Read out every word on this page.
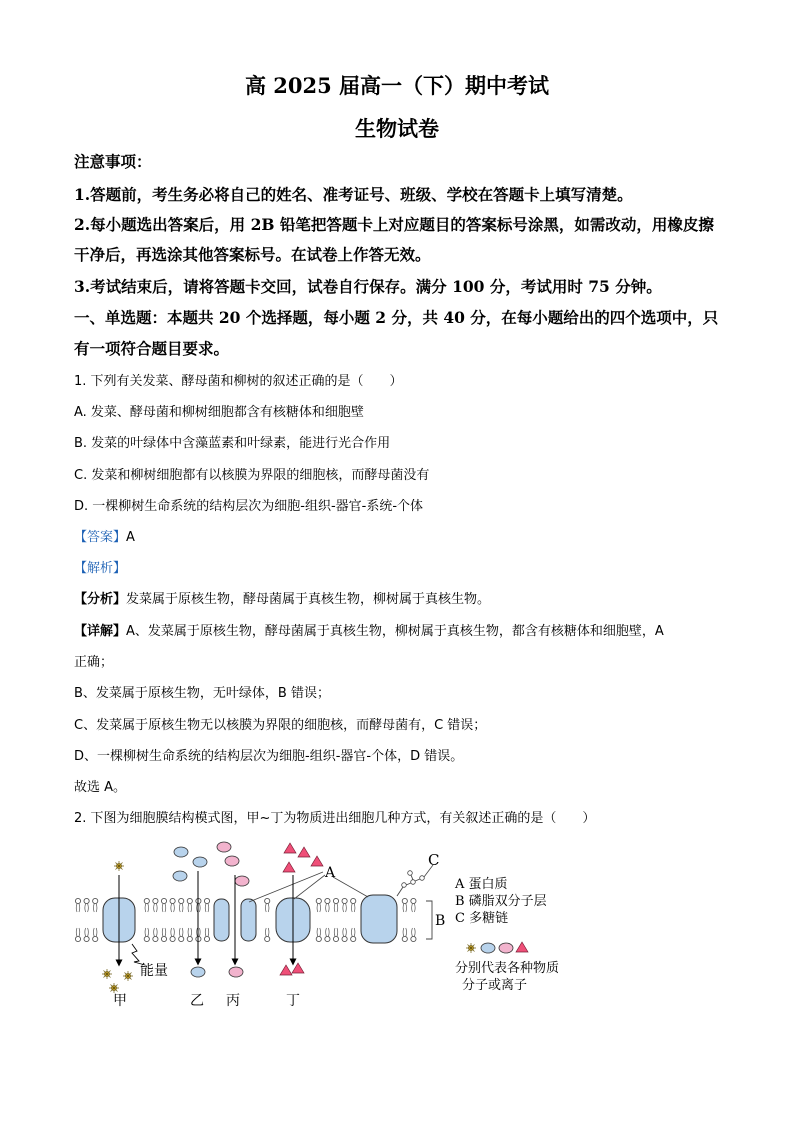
高 2025 届高一（下）期中考试
生物试卷
注意事项：
1.答题前，考生务必将自己的姓名、准考证号、班级、学校在答题卡上填写清楚。
2.每小题选出答案后，用 2B 铅笔把答题卡上对应题目的答案标号涂黑，如需改动，用橡皮擦
干净后，再选涂其他答案标号。在试卷上作答无效。
3.考试结束后，请将答题卡交回，试卷自行保存。满分 100 分，考试用时 75 分钟。
一、单选题：本题共 20 个选择题，每小题 2 分，共 40 分，在每小题给出的四个选项中，只
有一项符合题目要求。
1. 下列有关发菜、酵母菌和柳树的叙述正确的是（　　）
A. 发菜、酵母菌和柳树细胞都含有核糖体和细胞壁
B. 发菜的叶绿体中含藻蓝素和叶绿素，能进行光合作用
C. 发菜和柳树细胞都有以核膜为界限的细胞核，而酵母菌没有
D. 一棵柳树生命系统的结构层次为细胞-组织-器官-系统-个体
【答案】A
【解析】
【分析】发菜属于原核生物，酵母菌属于真核生物，柳树属于真核生物。
【详解】A、发菜属于原核生物，酵母菌属于真核生物，柳树属于真核生物，都含有核糖体和细胞壁，A
正确；
B、发菜属于原核生物，无叶绿体，B 错误；
C、发菜属于原核生物无以核膜为界限的细胞核，而酵母菌有，C 错误；
D、一棵柳树生命系统的结构层次为细胞-组织-器官-个体，D 错误。
故选 A。
2. 下图为细胞膜结构模式图，甲~丁为物质进出细胞几种方式，有关叙述正确的是（　　）
C
A
B
能量
甲	乙 丙	丁
A 蛋白质
B 磷脂双分子层
C 多糖链
分别代表各种物质
分子或离子
